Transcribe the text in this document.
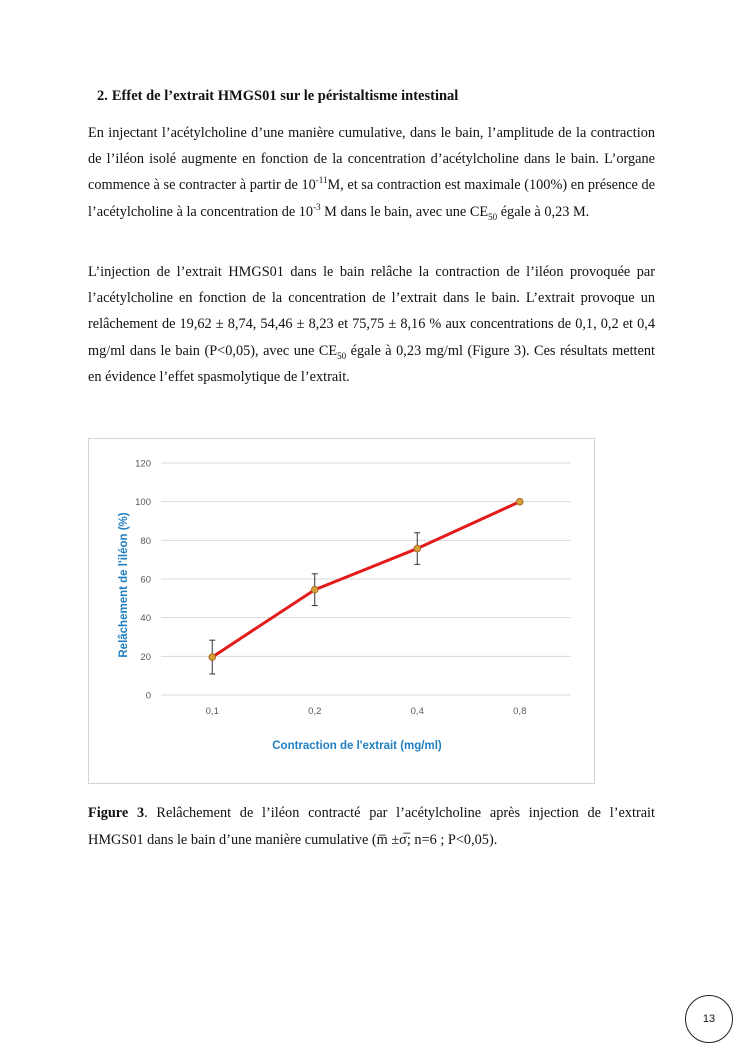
2. Effet de l’extrait HMGS01 sur le péristaltisme intestinal

En injectant l’acétylcholine d’une manière cumulative, dans le bain, l’amplitude de la contraction de l’iléon isolé augmente en fonction de la concentration d’acétylcholine dans le bain. L’organe commence à se contracter à partir de $10^{-11}M$, et sa contraction est maximale (100%) en présence de l’acétylcholine à la concentration de $10^{-3}$ M dans le bain, avec une $CE_{50}$ égale à 0,23 M.

L’injection de l’extrait HMGS01 dans le bain relâche la contraction de l’iléon provoquée par l’acétylcholine en fonction de la concentration de l’extrait dans le bain. L’extrait provoque un relâchement de 19,62 ± 8,74, 54,46 ± 8,23 et 75,75 ± 8,16 % aux concentrations de 0,1, 0,2 et 0,4 mg/ml dans le bain (P<0,05), avec une $CE_{50}$ égale à 0,23 mg/ml (Figure 3). Ces résultats mettent en évidence l’effet spasmolytique de l’extrait.

0
20
40
60
80
100
120
0,1	0,2	0,4	0,8
Relâchement de l'iléon (%)
Contraction de l'extrait (mg/ml)

Figure 3. Relâchement de l’iléon contracté par l’acétylcholine après injection de l’extrait HMGS01 dans le bain d’une manière cumulative (m̅ ±σ̅; n=6 ; P<0,05).

13
